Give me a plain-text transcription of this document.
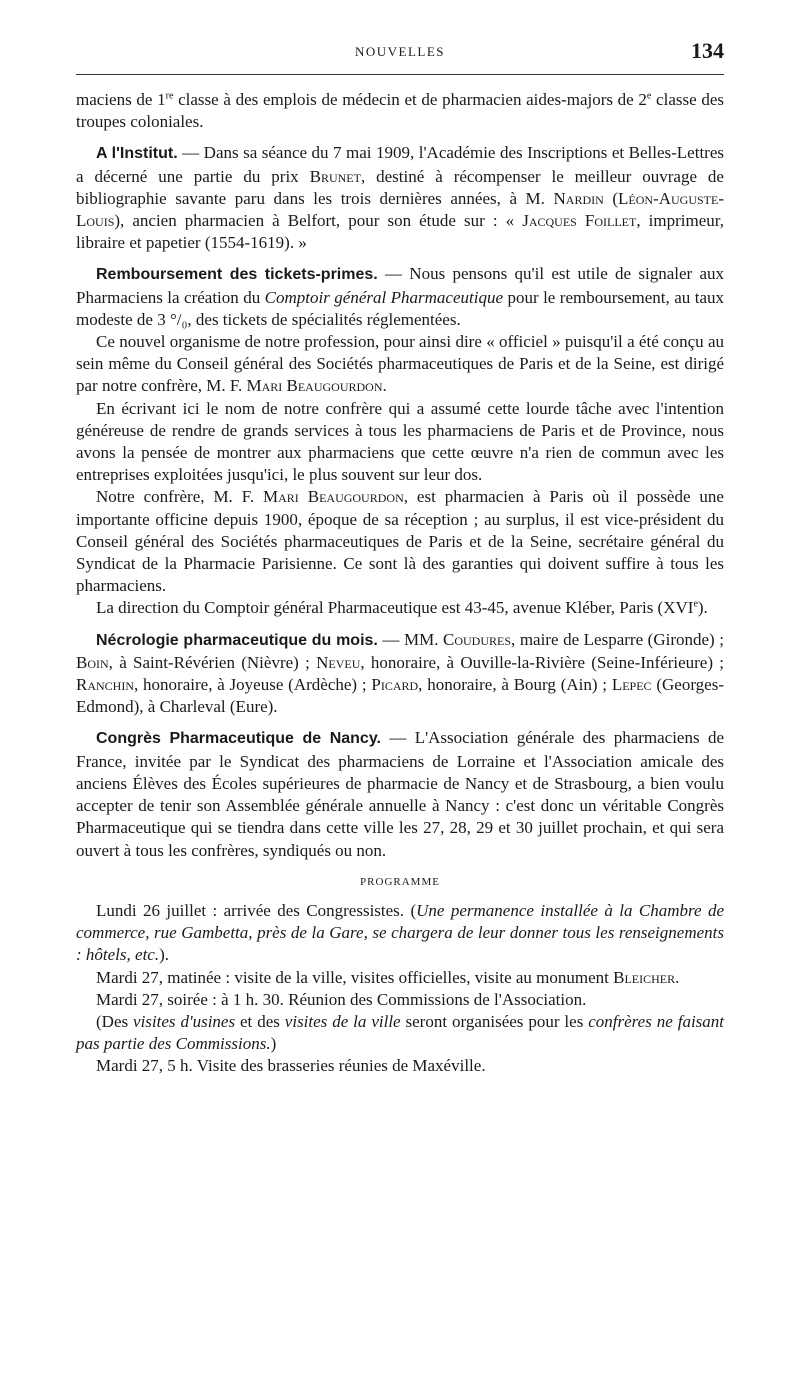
NOUVELLES	134

maciens de 1re classe à des emplois de médecin et de pharmacien aides-majors de 2e classe des troupes coloniales.

A l'Institut. — Dans sa séance du 7 mai 1909, l'Académie des Inscriptions et Belles-Lettres a décerné une partie du prix Brunet, destiné à récompenser le meilleur ouvrage de bibliographie savante paru dans les trois dernières années, à M. Nardin (Léon-Auguste-Louis), ancien pharmacien à Belfort, pour son étude sur : « Jacques Foillet, imprimeur, libraire et papetier (1554-1619). »

Remboursement des tickets-primes. — Nous pensons qu'il est utile de signaler aux Pharmaciens la création du Comptoir général Pharmaceutique pour le remboursement, au taux modeste de 3 °/₀, des tickets de spécialités réglementées.

Ce nouvel organisme de notre profession, pour ainsi dire « officiel » puisqu'il a été conçu au sein même du Conseil général des Sociétés pharmaceutiques de Paris et de la Seine, est dirigé par notre confrère, M. F. Mari Beaugourdon.

En écrivant ici le nom de notre confrère qui a assumé cette lourde tâche avec l'intention généreuse de rendre de grands services à tous les pharmaciens de Paris et de Province, nous avons la pensée de montrer aux pharmaciens que cette œuvre n'a rien de commun avec les entreprises exploitées jusqu'ici, le plus souvent sur leur dos.

Notre confrère, M. F. Mari Beaugourdon, est pharmacien à Paris où il possède une importante officine depuis 1900, époque de sa réception ; au surplus, il est vice-président du Conseil général des Sociétés pharmaceutiques de Paris et de la Seine, secrétaire général du Syndicat de la Pharmacie Parisienne. Ce sont là des garanties qui doivent suffire à tous les pharmaciens.

La direction du Comptoir général Pharmaceutique est 43-45, avenue Kléber, Paris (XVIe).

Nécrologie pharmaceutique du mois. — MM. Coudures, maire de Lesparre (Gironde) ; Boin, à Saint-Révérien (Nièvre) ; Neveu, honoraire, à Ouville-la-Rivière (Seine-Inférieure) ; Ranchin, honoraire, à Joyeuse (Ardèche) ; Picard, honoraire, à Bourg (Ain) ; Lepec (Georges-Edmond), à Charleval (Eure).

Congrès Pharmaceutique de Nancy. — L'Association générale des pharmaciens de France, invitée par le Syndicat des pharmaciens de Lorraine et l'Association amicale des anciens Élèves des Écoles supérieures de pharmacie de Nancy et de Strasbourg, a bien voulu accepter de tenir son Assemblée générale annuelle à Nancy : c'est donc un véritable Congrès Pharmaceutique qui se tiendra dans cette ville les 27, 28, 29 et 30 juillet prochain, et qui sera ouvert à tous les confrères, syndiqués ou non.

PROGRAMME

Lundi 26 juillet : arrivée des Congressistes. (Une permanence installée à la Chambre de commerce, rue Gambetta, près de la Gare, se chargera de leur donner tous les renseignements : hôtels, etc.).

Mardi 27, matinée : visite de la ville, visites officielles, visite au monument Bleicher.

Mardi 27, soirée : à 1 h. 30. Réunion des Commissions de l'Association.

(Des visites d'usines et des visites de la ville seront organisées pour les confrères ne faisant pas partie des Commissions.)

Mardi 27, 5 h. Visite des brasseries réunies de Maxéville.
